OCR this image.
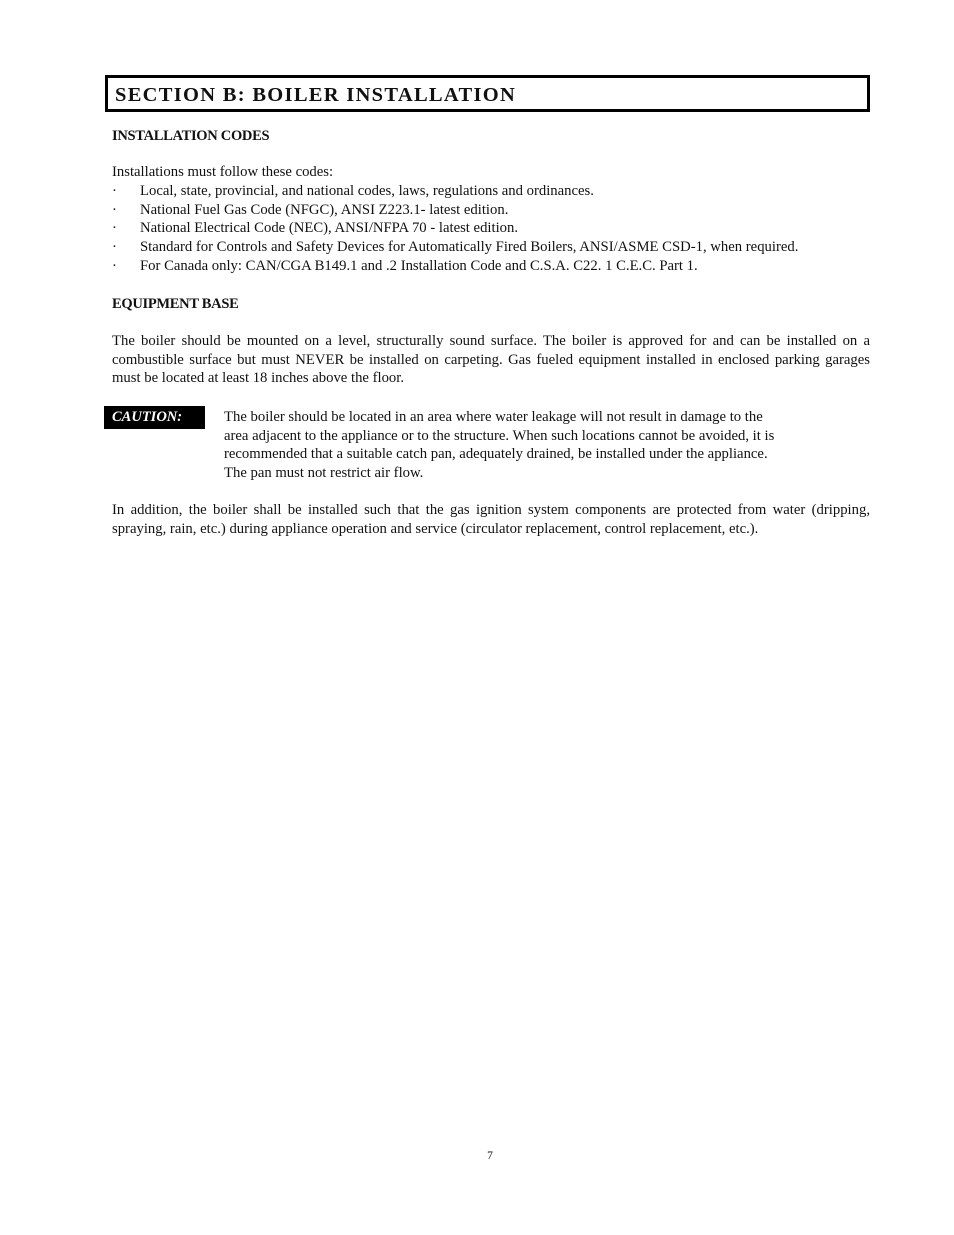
SECTION B: BOILER INSTALLATION
INSTALLATION CODES
Installations must follow these codes:
·	Local, state, provincial, and national codes, laws, regulations and ordinances.
·	National Fuel Gas Code (NFGC), ANSI Z223.1- latest edition.
·	National Electrical Code (NEC), ANSI/NFPA 70 - latest edition.
·	Standard for Controls and Safety Devices for Automatically Fired Boilers, ANSI/ASME CSD-1, when required.
·	For Canada only: CAN/CGA B149.1 and .2 Installation Code and C.S.A. C22. 1 C.E.C. Part 1.
EQUIPMENT BASE
The boiler should be mounted on a level, structurally sound surface. The boiler is approved for and can be installed on a combustible surface but must NEVER be installed on carpeting. Gas fueled equipment installed in enclosed parking garages must be located at least 18 inches above the floor.
CAUTION:	The boiler should be located in an area where water leakage will not result in damage to the
area adjacent to the appliance or to the structure. When such locations cannot be avoided, it is
recommended that a suitable catch pan, adequately drained, be installed under the appliance.
The pan must not restrict air flow.
In addition, the boiler shall be installed such that the gas ignition system components are protected from water (dripping, spraying, rain, etc.) during appliance operation and service (circulator replacement, control replacement, etc.).
7
